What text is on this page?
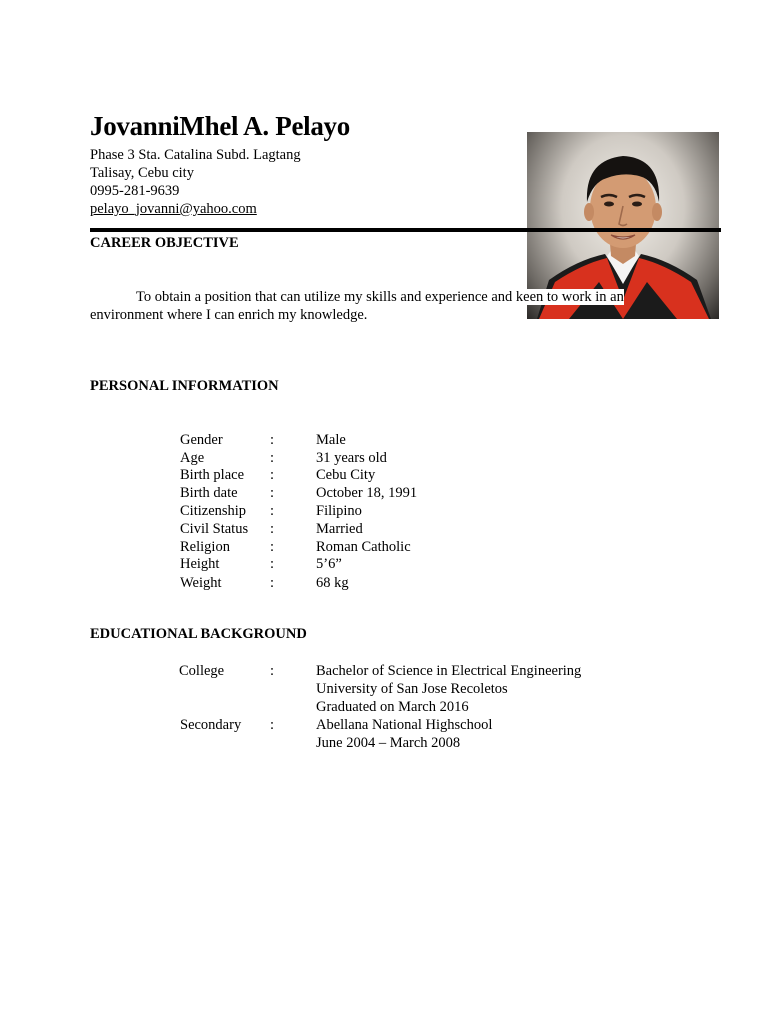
JovanniMhel A. Pelayo
Phase 3 Sta. Catalina Subd. Lagtang
Talisay, Cebu city
0995-281-9639
pelayo_jovanni@yahoo.com
CAREER OBJECTIVE
To obtain a position that can utilize my skills and experience and keen to work in an environment where I can enrich my knowledge.
PERSONAL INFORMATION
Gender	:	Male
Age	:	31 years old
Birth place :	Cebu City
Birth date :	October 18, 1991
Citizenship :	Filipino
Civil Status :	Married
Religion	:	Roman Catholic
Height	:	5’6”
Weight	:	68 kg
EDUCATIONAL BACKGROUND
College	:	Bachelor of Science in Electrical Engineering
University of San Jose Recoletos
Graduated on March 2016
Secondary :	Abellana National Highschool
June 2004 – March 2008
